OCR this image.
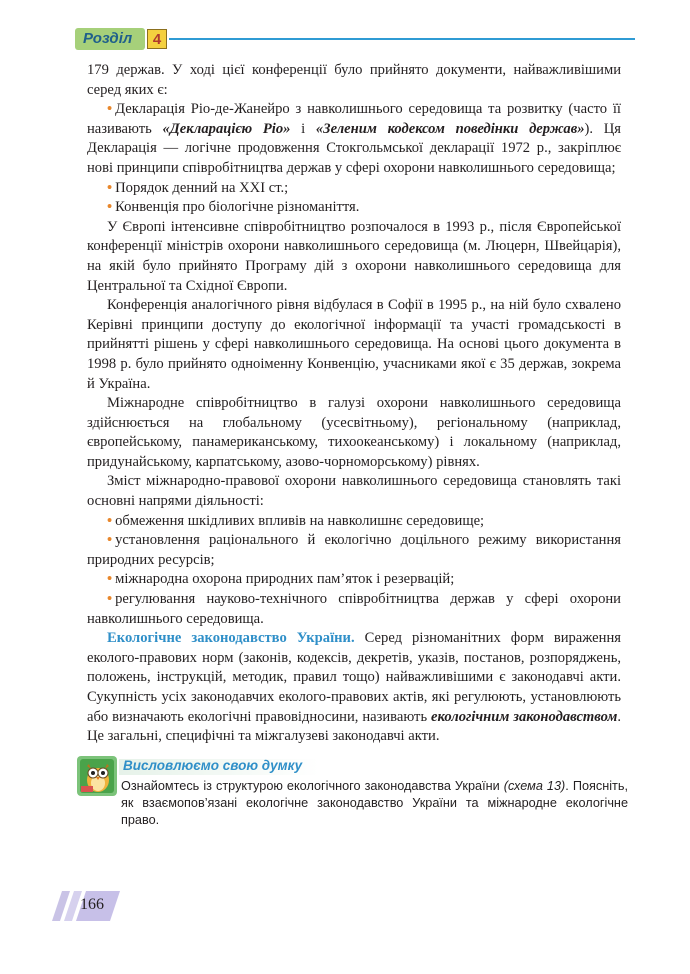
Розділ	4

179 держав. У ході цієї конференції було прийнято документи, найважливішими серед яких є:

• Декларація Ріо-де-Жанейро з навколишнього середовища та розвитку (часто її називають «Декларацією Ріо» і «Зеленим кодексом поведінки держав»). Ця Декларація — логічне продовження Стокгольмської декларації 1972 р., закріплює нові принципи співробітництва держав у сфері охорони навколишнього середовища;

• Порядок денний на XXI ст.;

• Конвенція про біологічне різноманіття.

У Європі інтенсивне співробітництво розпочалося в 1993 р., після Європейської конференції міністрів охорони навколишнього середовища (м. Люцерн, Швейцарія), на якій було прийнято Програму дій з охорони навколишнього середовища для Центральної та Східної Європи.

Конференція аналогічного рівня відбулася в Софії в 1995 р., на ній було схвалено Керівні принципи доступу до екологічної інформації та участі громадськості в прийнятті рішень у сфері навколишнього середовища. На основі цього документа в 1998 р. було прийнято одноіменну Конвенцію, учасниками якої є 35 держав, зокрема й Україна.

Міжнародне співробітництво в галузі охорони навколишнього середовища здійснюється на глобальному (усесвітньому), регіональному (наприклад, європейському, панамериканському, тихоокеанському) і локальному (наприклад, придунайському, карпатському, азово-чорноморському) рівнях.

Зміст міжнародно-правової охорони навколишнього середовища становлять такі основні напрями діяльності:

• обмеження шкідливих впливів на навколишнє середовище;

• установлення раціонального й екологічно доцільного режиму використання природних ресурсів;

• міжнародна охорона природних пам’яток і резервацій;

• регулювання науково-технічного співробітництва держав у сфері охорони навколишнього середовища.

Екологічне законодавство України. Серед різноманітних форм вираження еколого-правових норм (законів, кодексів, декретів, указів, постанов, розпоряджень, положень, інструкцій, методик, правил тощо) найважливішими є законодавчі акти. Сукупність усіх законодавчих еколого-правових актів, які регулюють, установлюють або визначають екологічні правовідносини, називають екологічним законодавством. Це загальні, специфічні та міжгалузеві законодавчі акти.

Висловлюємо свою думку
Ознайомтесь із структурою екологічного законодавства України (схема 13). Поясніть, як взаємопов’язані екологічне законодавство України та міжнародне екологічне право.
166
